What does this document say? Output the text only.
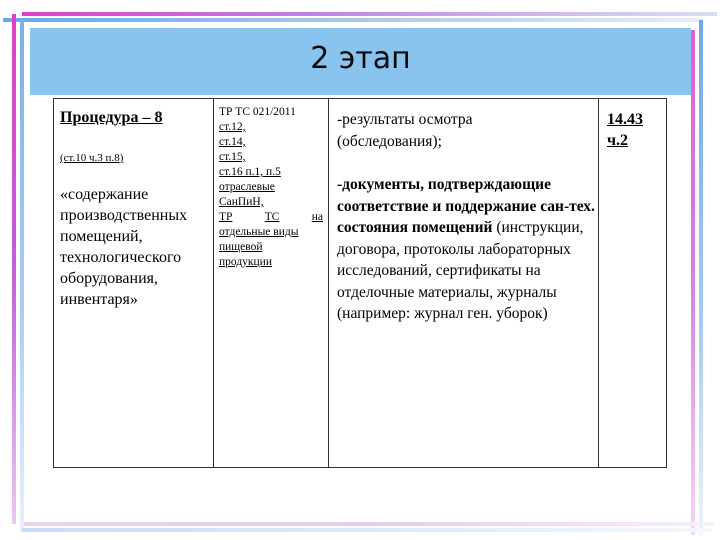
2 этап
Процедура – 8
(ст.10 ч.3 п.8)
«содержание производственных помещений, технологического оборудования, инвентаря»
ТР ТС 021/2011
ст.12,
ст.14,
ст.15,
ст.16 п.1, п.5
отраслевые
СанПиН,
ТР	ТС	на
отдельные виды
пищевой
продукции
-результаты осмотра
(обследования);
-документы, подтверждающие соответствие и поддержание сан-тех. состояния помещений (инструкции, договора, протоколы лабораторных исследований, сертификаты на отделочные материалы, журналы (например: журнал ген. уборок)
14.43
ч.2
